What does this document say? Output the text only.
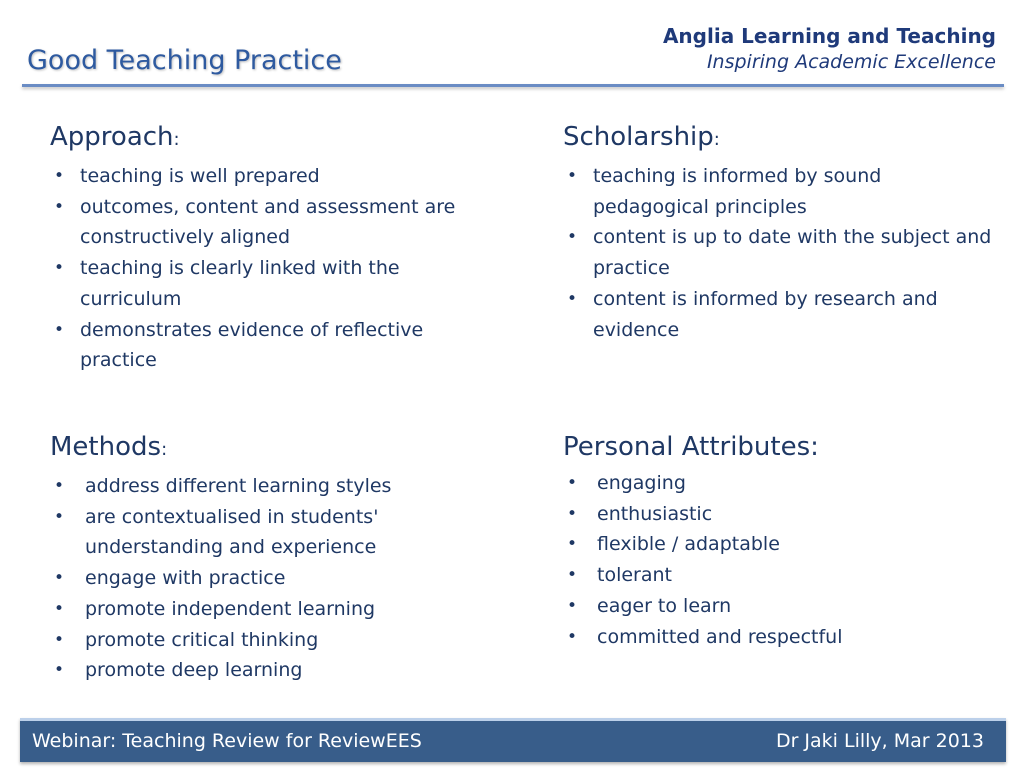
Good Teaching Practice
Anglia Learning and Teaching
Inspiring Academic Excellence
Approach:
• teaching is well prepared
• outcomes, content and assessment are constructively aligned
• teaching is clearly linked with the curriculum
• demonstrates evidence of reflective practice
Scholarship:
• teaching is informed by sound pedagogical principles
• content is up to date with the subject and practice
• content is informed by research and evidence
Methods:
• address different learning styles
• are contextualised in students' understanding and experience
• engage with practice
• promote independent learning
• promote critical thinking
• promote deep learning
Personal Attributes:
• engaging
• enthusiastic
• flexible / adaptable
• tolerant
• eager to learn
• committed and respectful
Webinar: Teaching Review for ReviewEES	Dr Jaki Lilly, Mar 2013
